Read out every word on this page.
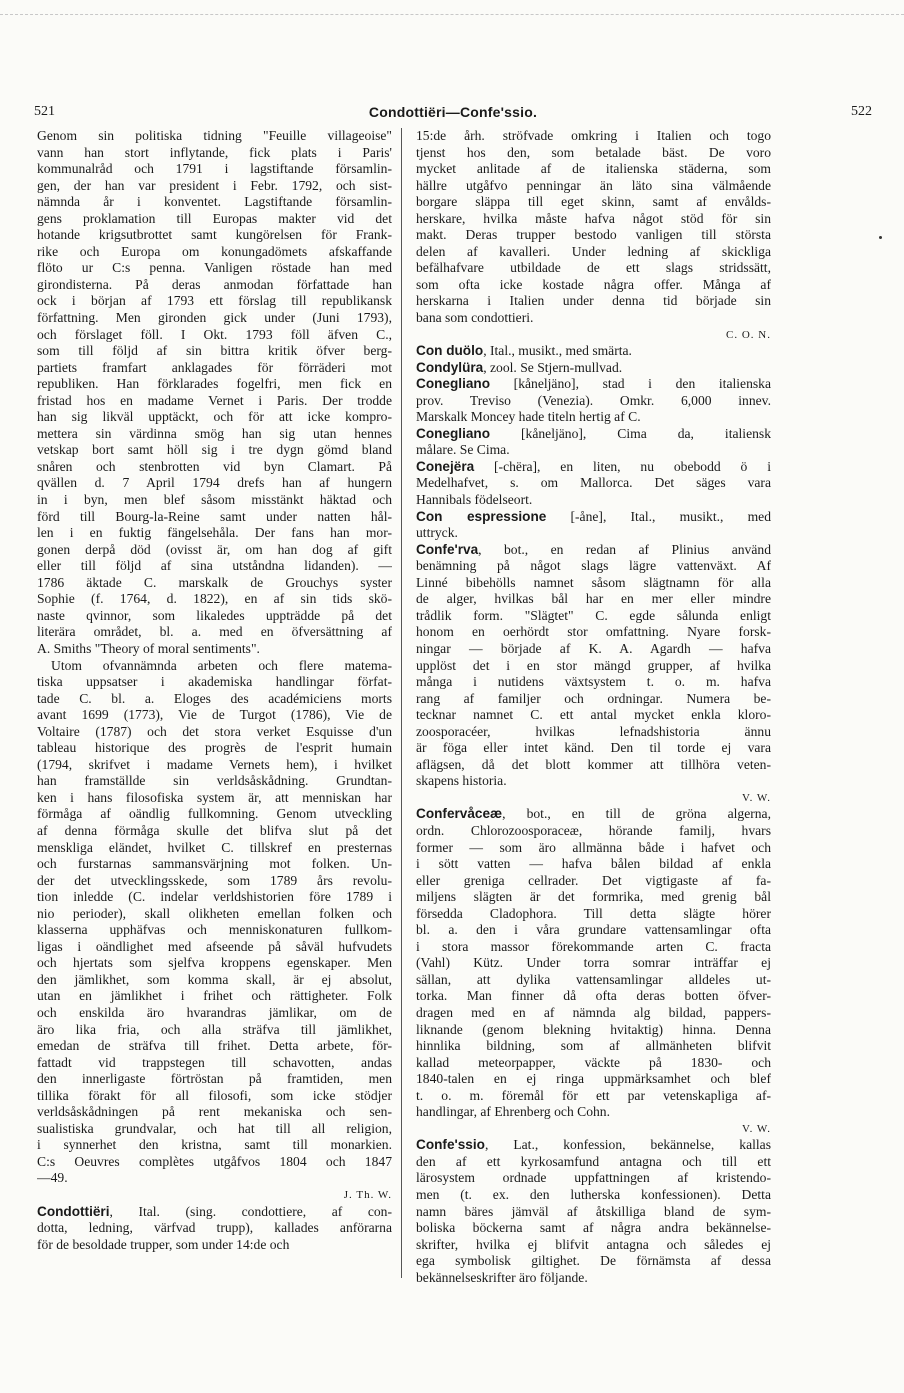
521	Condottiëri—Confe'ssio.	522
Genom sin politiska tidning "Feuille villageoise"
vann han stort inflytande, fick plats i Paris'
kommunalråd och 1791 i lagstiftande församlin-
gen, der han var president i Febr. 1792, och sist-
nämnda år i konventet. Lagstiftande församlin-
gens proklamation till Europas makter vid det
hotande krigsutbrottet samt kungörelsen för Frank-
rike och Europa om konungadömets afskaffande
flöto ur C:s penna. Vanligen röstade han med
girondisterna. På deras anmodan författade han
ock i början af 1793 ett förslag till republikansk
författning. Men gironden gick under (Juni 1793),
och förslaget föll. I Okt. 1793 föll äfven C.,
som till följd af sin bittra kritik öfver berg-
partiets framfart anklagades för förräderi mot
republiken. Han förklarades fogelfri, men fick en
fristad hos en madame Vernet i Paris. Der trodde
han sig likväl upptäckt, och för att icke kompro-
mettera sin värdinna smög han sig utan hennes
vetskap bort samt höll sig i tre dygn gömd bland
snåren och stenbrotten vid byn Clamart. På
qvällen d. 7 April 1794 drefs han af hungern
in i byn, men blef såsom misstänkt häktad och
förd till Bourg-la-Reine samt under natten hål-
len i en fuktig fängelsehåla. Der fans han mor-
gonen derpå död (ovisst är, om han dog af gift
eller till följd af sina utståndna lidanden). —
1786 äktade C. marskalk de Grouchys syster
Sophie (f. 1764, d. 1822), en af sin tids skö-
naste qvinnor, som likaledes uppträdde på det
literära området, bl. a. med en öfversättning af
A. Smiths "Theory of moral sentiments".
Utom ofvannämnda arbeten och flere matema-
tiska uppsatser i akademiska handlingar förfat-
tade C. bl. a. Eloges des académiciens morts
avant 1699 (1773), Vie de Turgot (1786), Vie de
Voltaire (1787) och det stora verket Esquisse d'un
tableau historique des progrès de l'esprit humain
(1794, skrifvet i madame Vernets hem), i hvilket
han framställde sin verldsåskådning. Grundtan-
ken i hans filosofiska system är, att menniskan har
förmåga af oändlig fullkomning. Genom utveckling
af denna förmåga skulle det blifva slut på det
menskliga eländet, hvilket C. tillskref en presternas
och furstarnas sammansvärjning mot folken. Un-
der det utvecklingsskede, som 1789 års revolu-
tion inledde (C. indelar verldshistorien före 1789 i
nio perioder), skall olikheten emellan folken och
klasserna upphäfvas och menniskonaturen fullkom-
ligas i oändlighet med afseende på såväl hufvudets
och hjertats som sjelfva kroppens egenskaper. Men
den jämlikhet, som komma skall, är ej absolut,
utan en jämlikhet i frihet och rättigheter. Folk
och enskilda äro hvarandras jämlikar, om de
äro lika fria, och alla sträfva till jämlikhet,
emedan de sträfva till frihet. Detta arbete, för-
fattadt vid trappstegen till schavotten, andas
den innerligaste förtröstan på framtiden, men
tillika förakt för all filosofi, som icke stödjer
verldsåskådningen på rent mekaniska och sen-
sualistiska grundvalar, och hat till all religion,
i synnerhet den kristna, samt till monarkien.
C:s Oeuvres complètes utgåfvos 1804 och 1847
—49.
J. Th. W.
Condottiëri, Ital. (sing. condottiere, af con-
dotta, ledning, värfvad trupp), kallades anförarna
för de besoldade trupper, som under 14:de och
15:de årh. ströfvade omkring i Italien och togo
tjenst hos den, som betalade bäst. De voro
mycket anlitade af de italienska städerna, som
hällre utgåfvo penningar än läto sina välmående
borgare släppa till eget skinn, samt af envålds-
herskare, hvilka måste hafva något stöd för sin
makt. Deras trupper bestodo vanligen till största
delen af kavalleri. Under ledning af skickliga
befälhafvare utbildade de ett slags stridssätt,
som ofta icke kostade några offer. Många af
herskarna i Italien under denna tid började sin
bana som condottieri.
C. O. N.
Con duölo, Ital., musikt., med smärta.
Condylüra, zool. Se Stjern-mullvad.
Conegliano [kåneljäno], stad i den italienska
prov. Treviso (Venezia). Omkr. 6,000 innev.
Marskalk Moncey hade titeln hertig af C.
Conegliano [kåneljäno], Cima da, italiensk
målare. Se Cima.
Conejëra [-chëra], en liten, nu obebodd ö i
Medelhafvet, s. om Mallorca. Det säges vara
Hannibals födelseort.
Con espressione [-åne], Ital., musikt., med
uttryck.
Confe'rva, bot., en redan af Plinius använd
benämning på något slags lägre vattenväxt. Af
Linné bibehölls namnet såsom slägtnamn för alla
de alger, hvilkas bål har en mer eller mindre
trådlik form. "Slägtet" C. egde sålunda enligt
honom en oerhördt stor omfattning. Nyare forsk-
ningar — började af K. A. Agardh — hafva
upplöst det i en stor mängd grupper, af hvilka
många i nutidens växtsystem t. o. m. hafva
rang af familjer och ordningar. Numera be-
tecknar namnet C. ett antal mycket enkla kloro-
zoosporacéer, hvilkas lefnadshistoria ännu
är föga eller intet känd. Den til torde ej vara
aflägsen, då det blott kommer att tillhöra veten-
skapens historia.
V. W.
Confervåceæ, bot., en till de gröna algerna,
ordn. Chlorozoosporaceæ, hörande familj, hvars
former — som äro allmänna både i hafvet och
i sött vatten — hafva bålen bildad af enkla
eller greniga cellrader. Det vigtigaste af fa-
miljens slägten är det formrika, med grenig bål
försedda Cladophora. Till detta slägte hörer
bl. a. den i våra grundare vattensamlingar ofta
i stora massor förekommande arten C. fracta
(Vahl) Kütz. Under torra somrar inträffar ej
sällan, att dylika vattensamlingar alldeles ut-
torka. Man finner då ofta deras botten öfver-
dragen med en af nämnda alg bildad, pappers-
liknande (genom blekning hvitaktig) hinna. Denna
hinnlika bildning, som af allmänheten blifvit
kallad meteorpapper, väckte på 1830- och
1840-talen en ej ringa uppmärksamhet och blef
t. o. m. föremål för ett par vetenskapliga af-
handlingar, af Ehrenberg och Cohn.
V. W.
Confe'ssio, Lat., konfession, bekännelse, kallas
den af ett kyrkosamfund antagna och till ett
lärosystem ordnade uppfattningen af kristendo-
men (t. ex. den lutherska konfessionen). Detta
namn bäres jämväl af åtskilliga bland de sym-
boliska böckerna samt af några andra bekännelse-
skrifter, hvilka ej blifvit antagna och således ej
ega symbolisk giltighet. De förnämsta af dessa
bekännelseskrifter äro följande.
